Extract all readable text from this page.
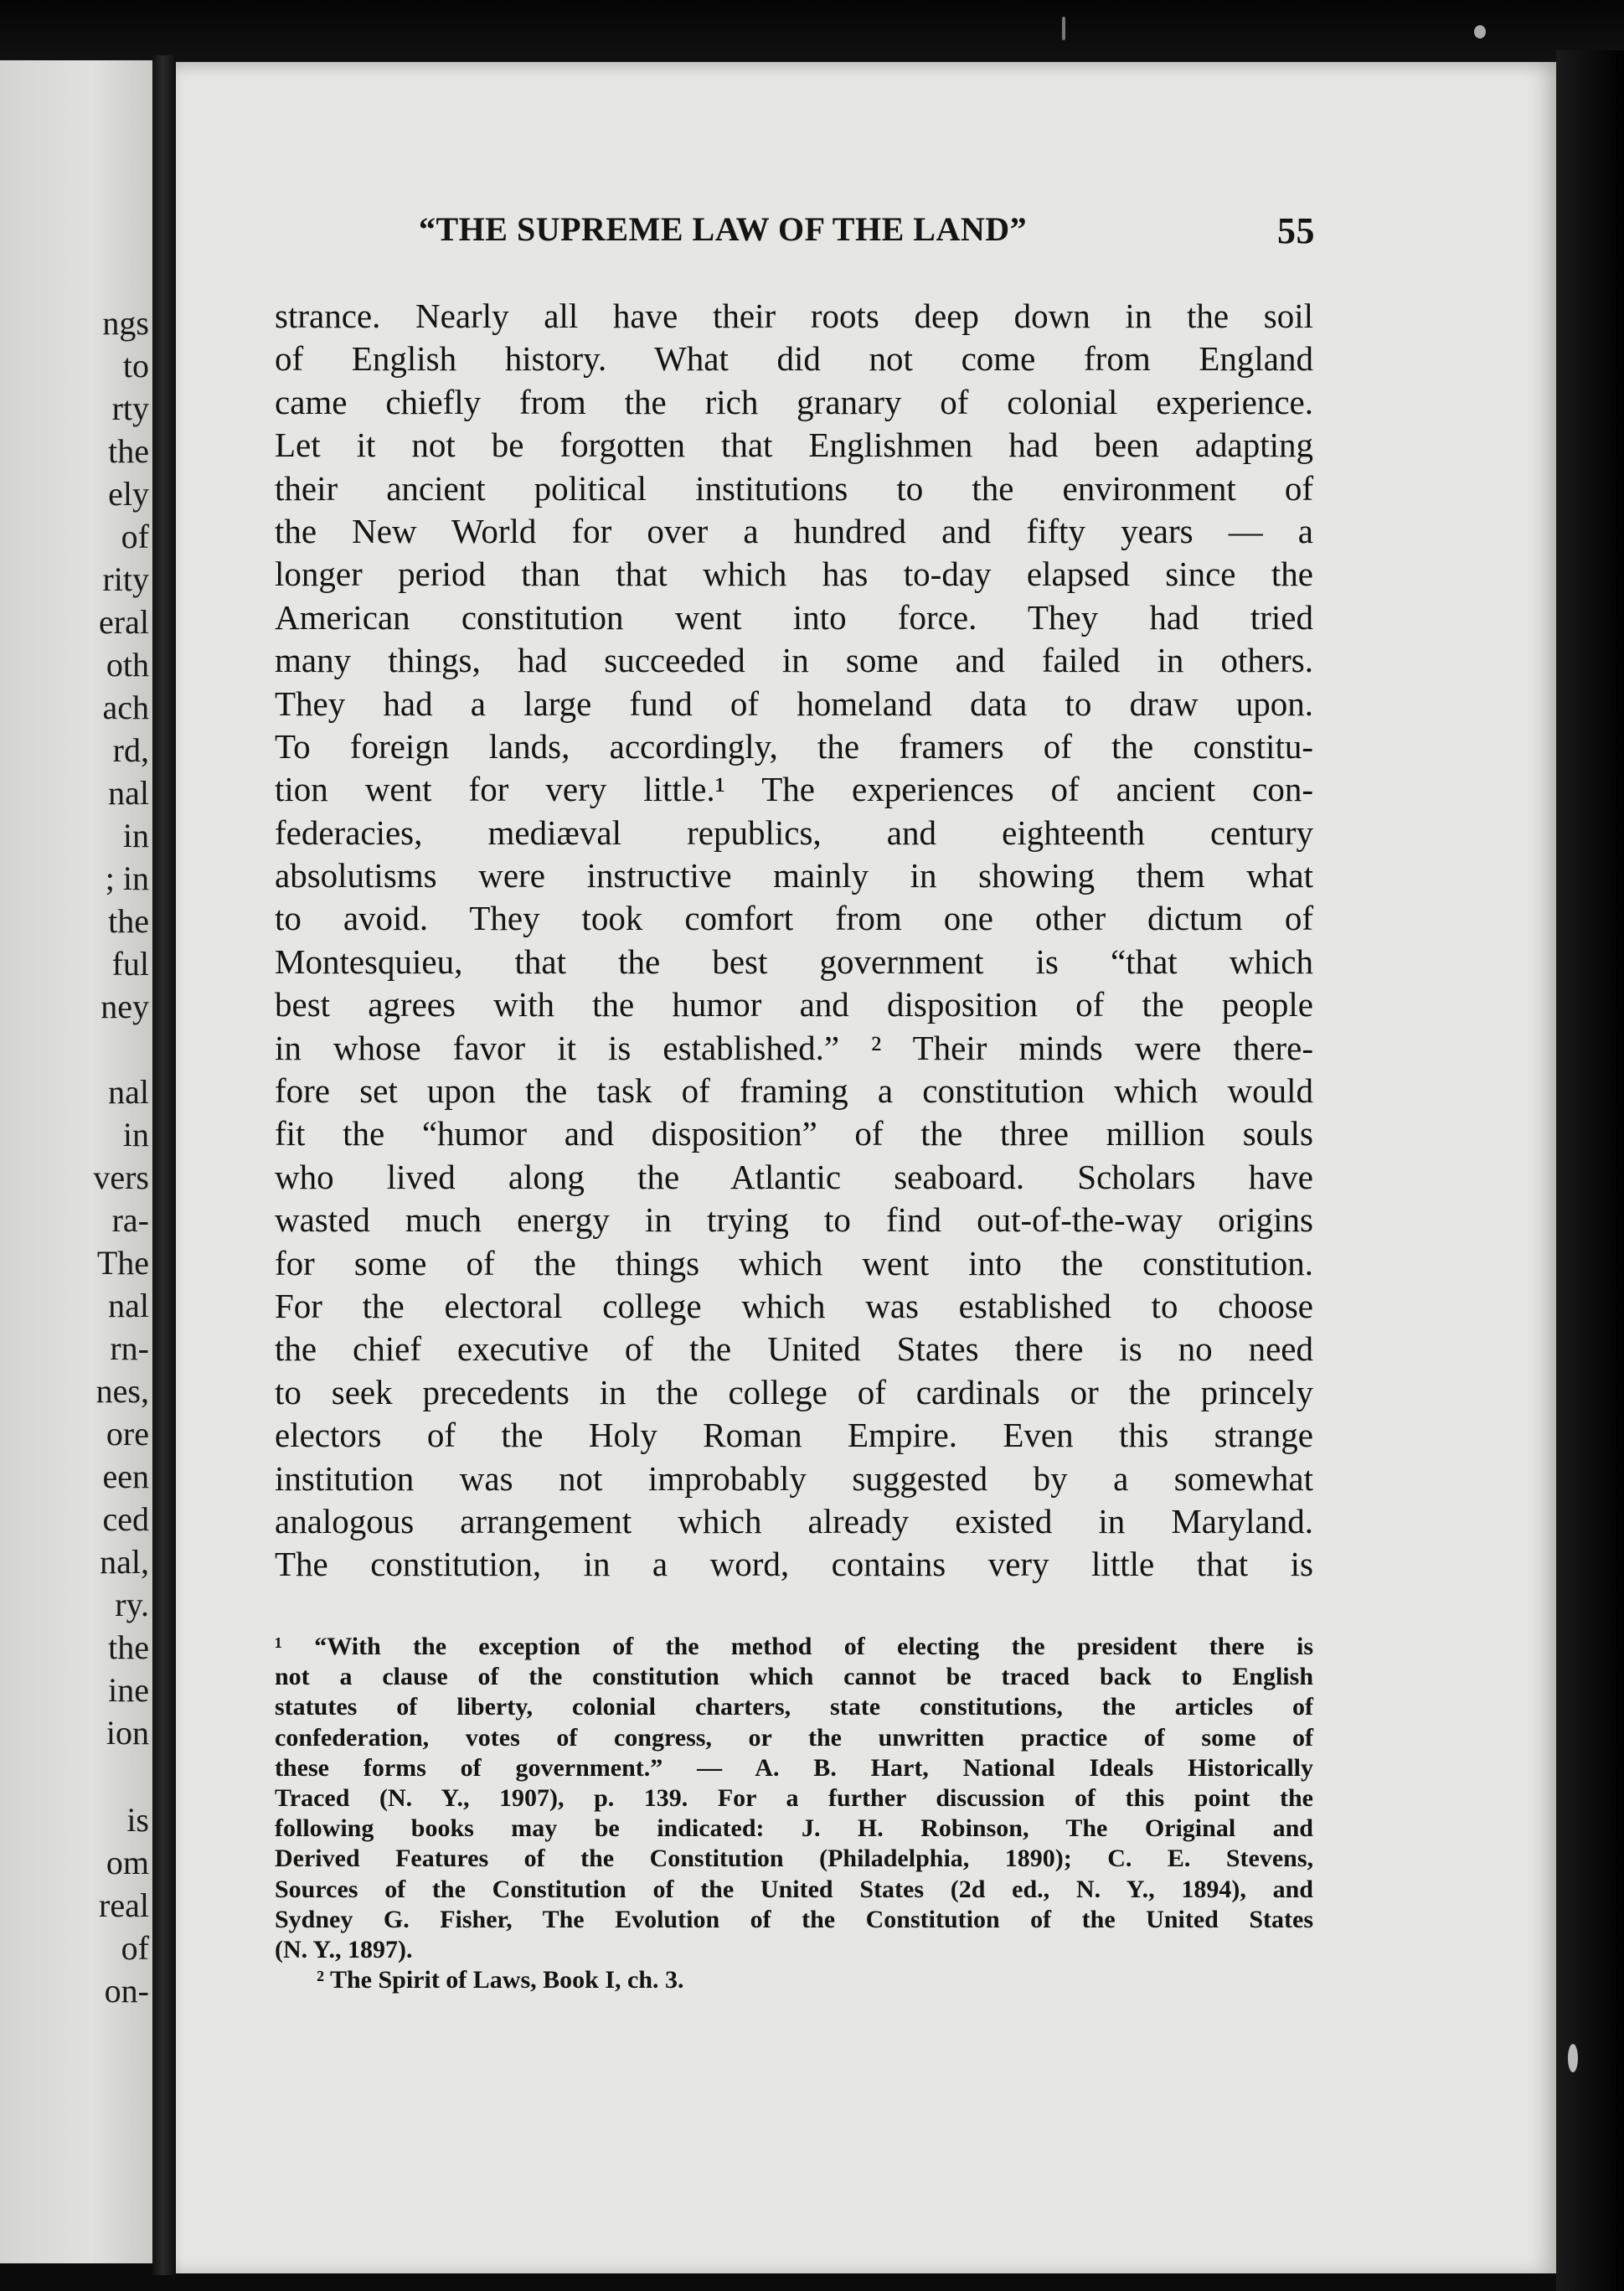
ngs

to

rty

the

ely

of

rity

eral

oth

ach

rd,

nal

in

; in

the

ful

ney

nal

in

vers

ra-

The

nal

rn-

nes,

ore

een

ced

nal,

ry.

the

ine

ion

is

om

real

of

on-

“THE SUPREME LAW OF THE LAND”	55
strance. Nearly all have their roots deep down in the soil
of English history. What did not come from England
came chiefly from the rich granary of colonial experience.
Let it not be forgotten that Englishmen had been adapting
their ancient political institutions to the environment of
the New World for over a hundred and fifty years — a
longer period than that which has to-day elapsed since the
American constitution went into force. They had tried
many things, had succeeded in some and failed in others.
They had a large fund of homeland data to draw upon.
To foreign lands, accordingly, the framers of the constitu-
tion went for very little.¹ The experiences of ancient con-
federacies, mediæval republics, and eighteenth century
absolutisms were instructive mainly in showing them what
to avoid. They took comfort from one other dictum of
Montesquieu, that the best government is “that which
best agrees with the humor and disposition of the people
in whose favor it is established.” ² Their minds were there-
fore set upon the task of framing a constitution which would
fit the “humor and disposition” of the three million souls
who lived along the Atlantic seaboard. Scholars have
wasted much energy in trying to find out-of-the-way origins
for some of the things which went into the constitution.
For the electoral college which was established to choose
the chief executive of the United States there is no need
to seek precedents in the college of cardinals or the princely
electors of the Holy Roman Empire. Even this strange
institution was not improbably suggested by a somewhat
analogous arrangement which already existed in Maryland.
The constitution, in a word, contains very little that is
¹ “With the exception of the method of electing the president there is
not a clause of the constitution which cannot be traced back to English
statutes of liberty, colonial charters, state constitutions, the articles of
confederation, votes of congress, or the unwritten practice of some of
these forms of government.” — A. B. Hart, National Ideals Historically
Traced (N. Y., 1907), p. 139. For a further discussion of this point the
following books may be indicated: J. H. Robinson, The Original and
Derived Features of the Constitution (Philadelphia, 1890); C. E. Stevens,
Sources of the Constitution of the United States (2d ed., N. Y., 1894), and
Sydney G. Fisher, The Evolution of the Constitution of the United States
(N. Y., 1897).
² The Spirit of Laws, Book I, ch. 3.
